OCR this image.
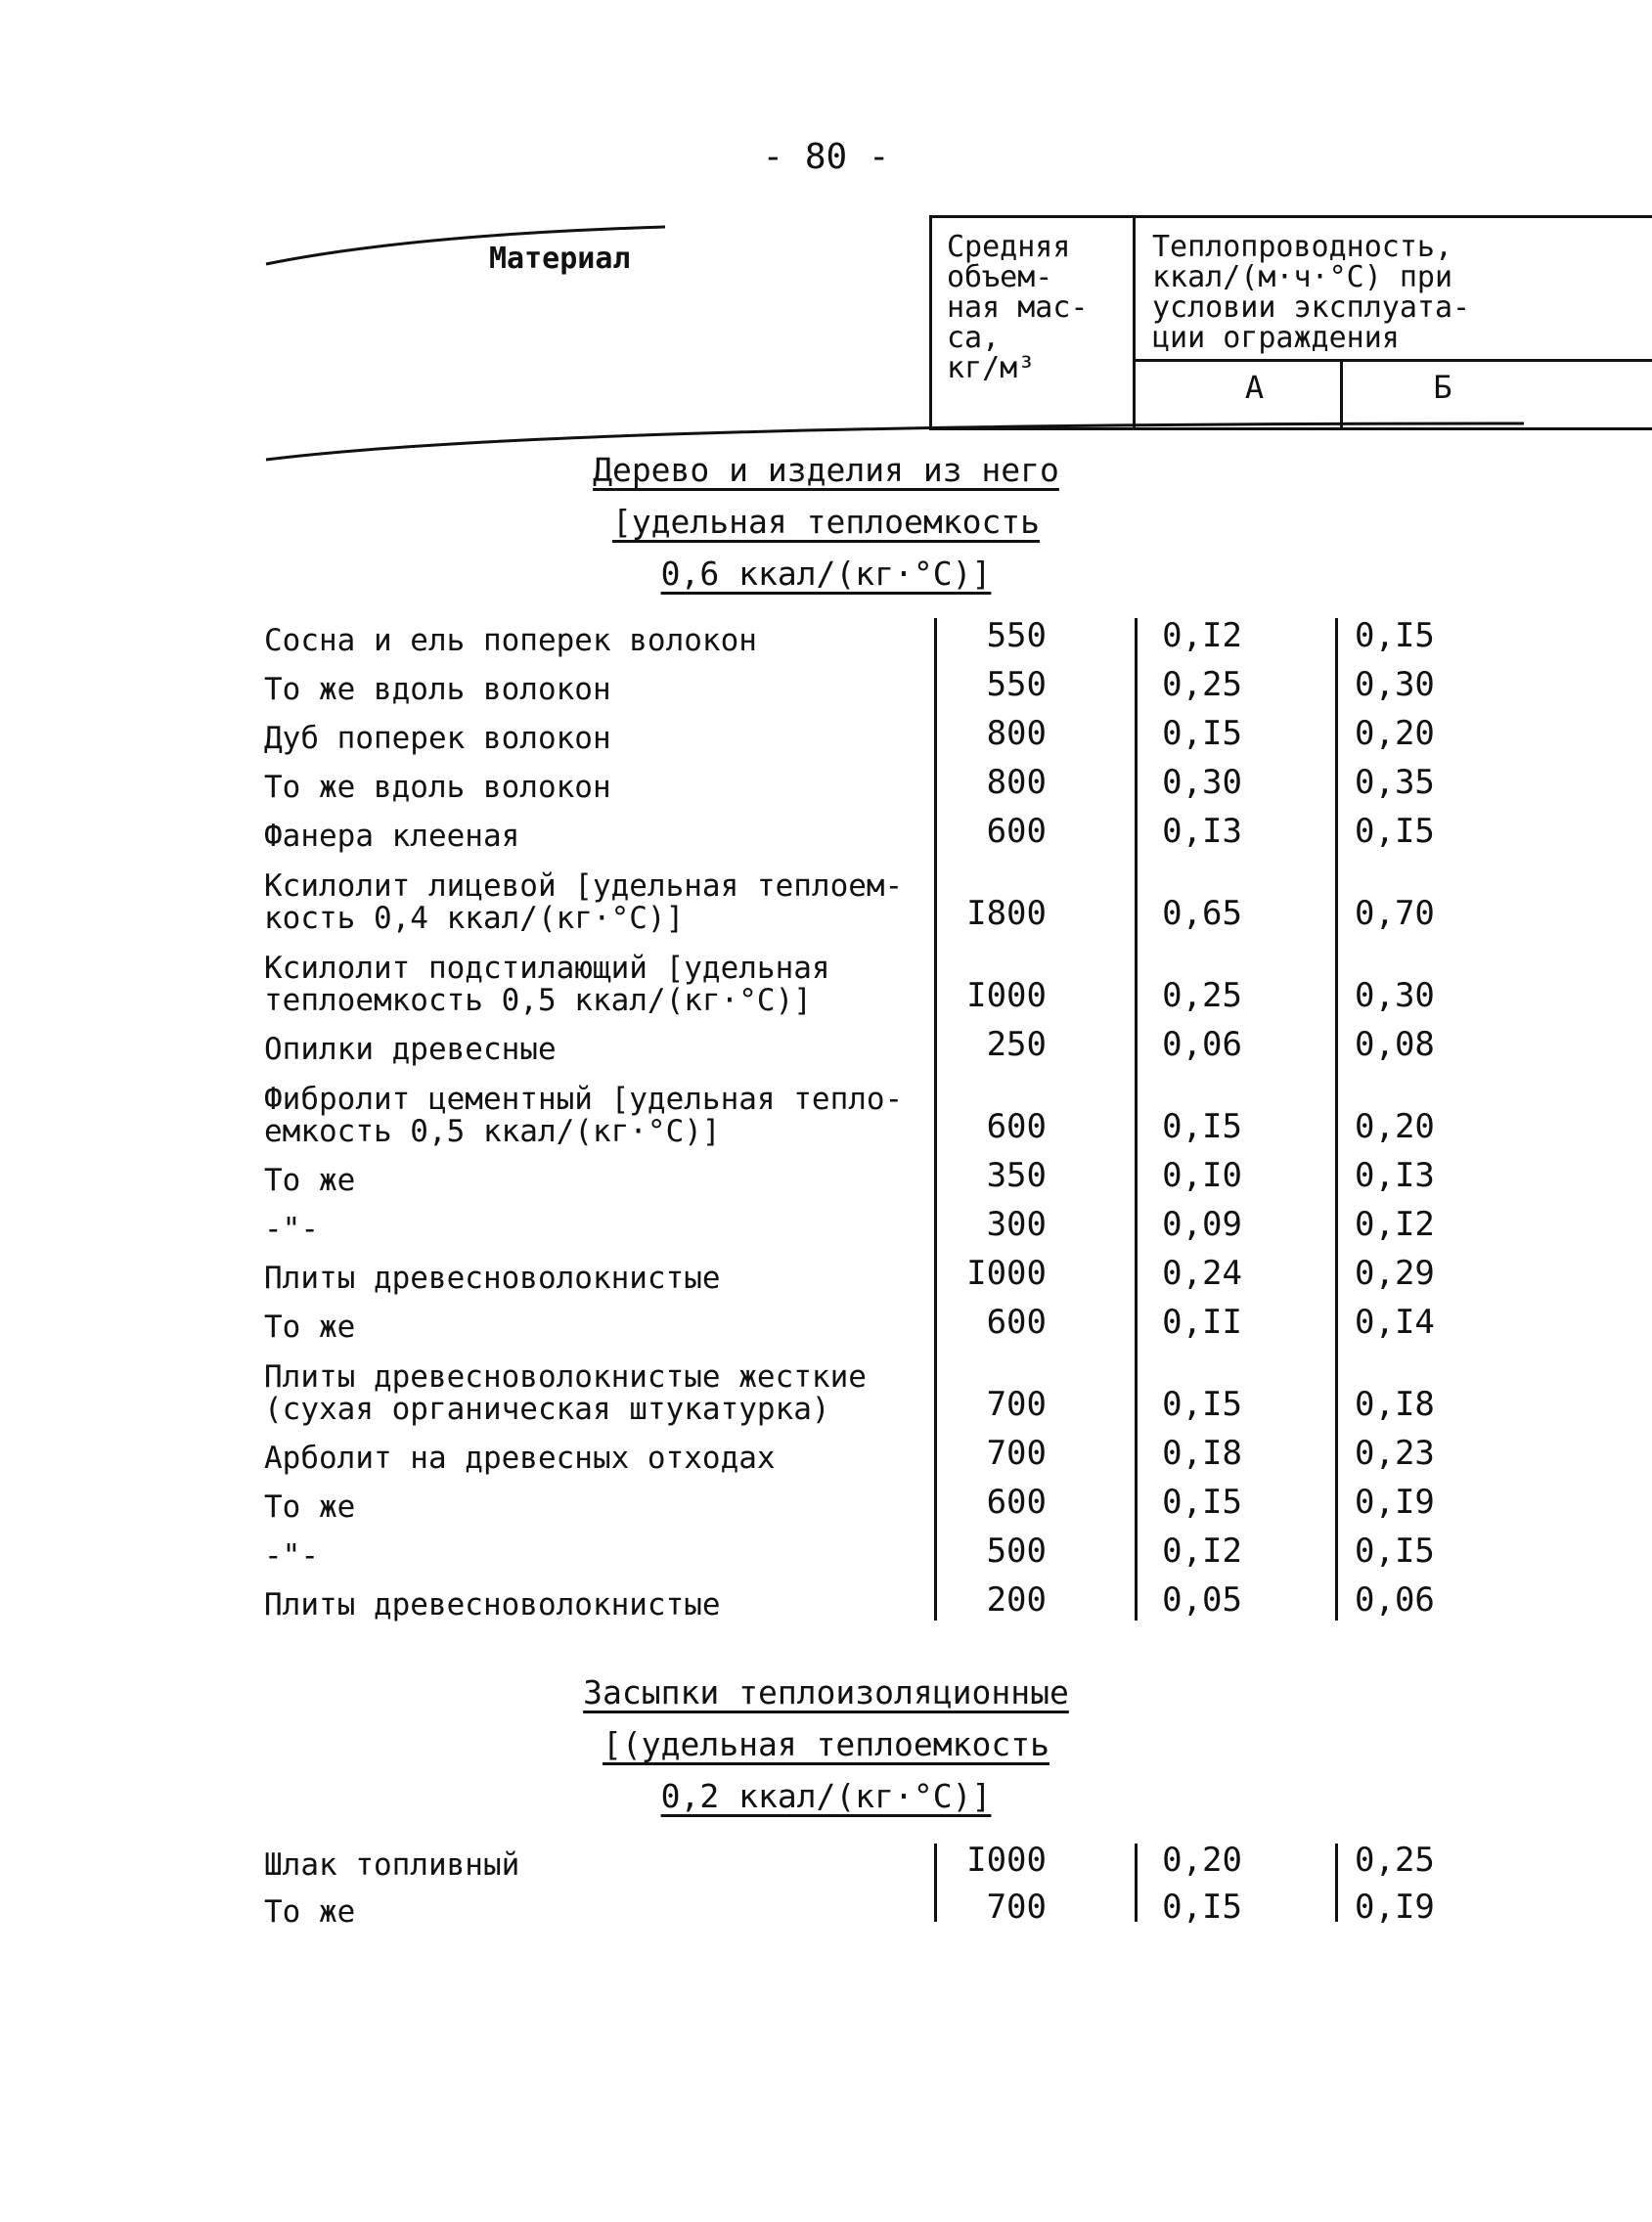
- 80 -
Материал	Средняя
объем-
ная мас-
са,
кг/м³
Теплопроводность,
ккал/(м·ч·°С) при
условии эксплуата-
ции ограждения
А	Б
Дерево и изделия из него
[удельная теплоемкость
0,6 ккал/(кг·°С)]
Засыпки теплоизоляционные
[(удельная теплоемкость
0,2 ккал/(кг·°С)]
Сосна и ель поперек волокон	550	0,I2	0,I5
То же вдоль волокон	550	0,25	0,30
Дуб поперек волокон	800	0,I5	0,20
То же вдоль волокон	800	0,30	0,35
Фанера клееная	600	0,I3	0,I5
Ксилолит лицевой [удельная теплоем-
кость 0,4 ккал/(кг·°С)]	I800	0,65	0,70
Ксилолит подстилающий [удельная
теплоемкость 0,5 ккал/(кг·°С)]	I000	0,25	0,30
Опилки древесные	250	0,06	0,08
Фибролит цементный [удельная тепло-
емкость 0,5 ккал/(кг·°С)]	600	0,I5	0,20
То же	350	0,I0	0,I3
-"-	300	0,09	0,I2
Плиты древесноволокнистые	I000	0,24	0,29
То же	600	0,II	0,I4
Плиты древесноволокнистые жесткие
(сухая органическая штукатурка)	700	0,I5	0,I8
Арболит на древесных отходах	700	0,I8	0,23
То же	600	0,I5	0,I9
-"-	500	0,I2	0,I5
Плиты древесноволокнистые	200	0,05	0,06
Шлак топливный	I000	0,20	0,25
То же	700	0,I5	0,I9
